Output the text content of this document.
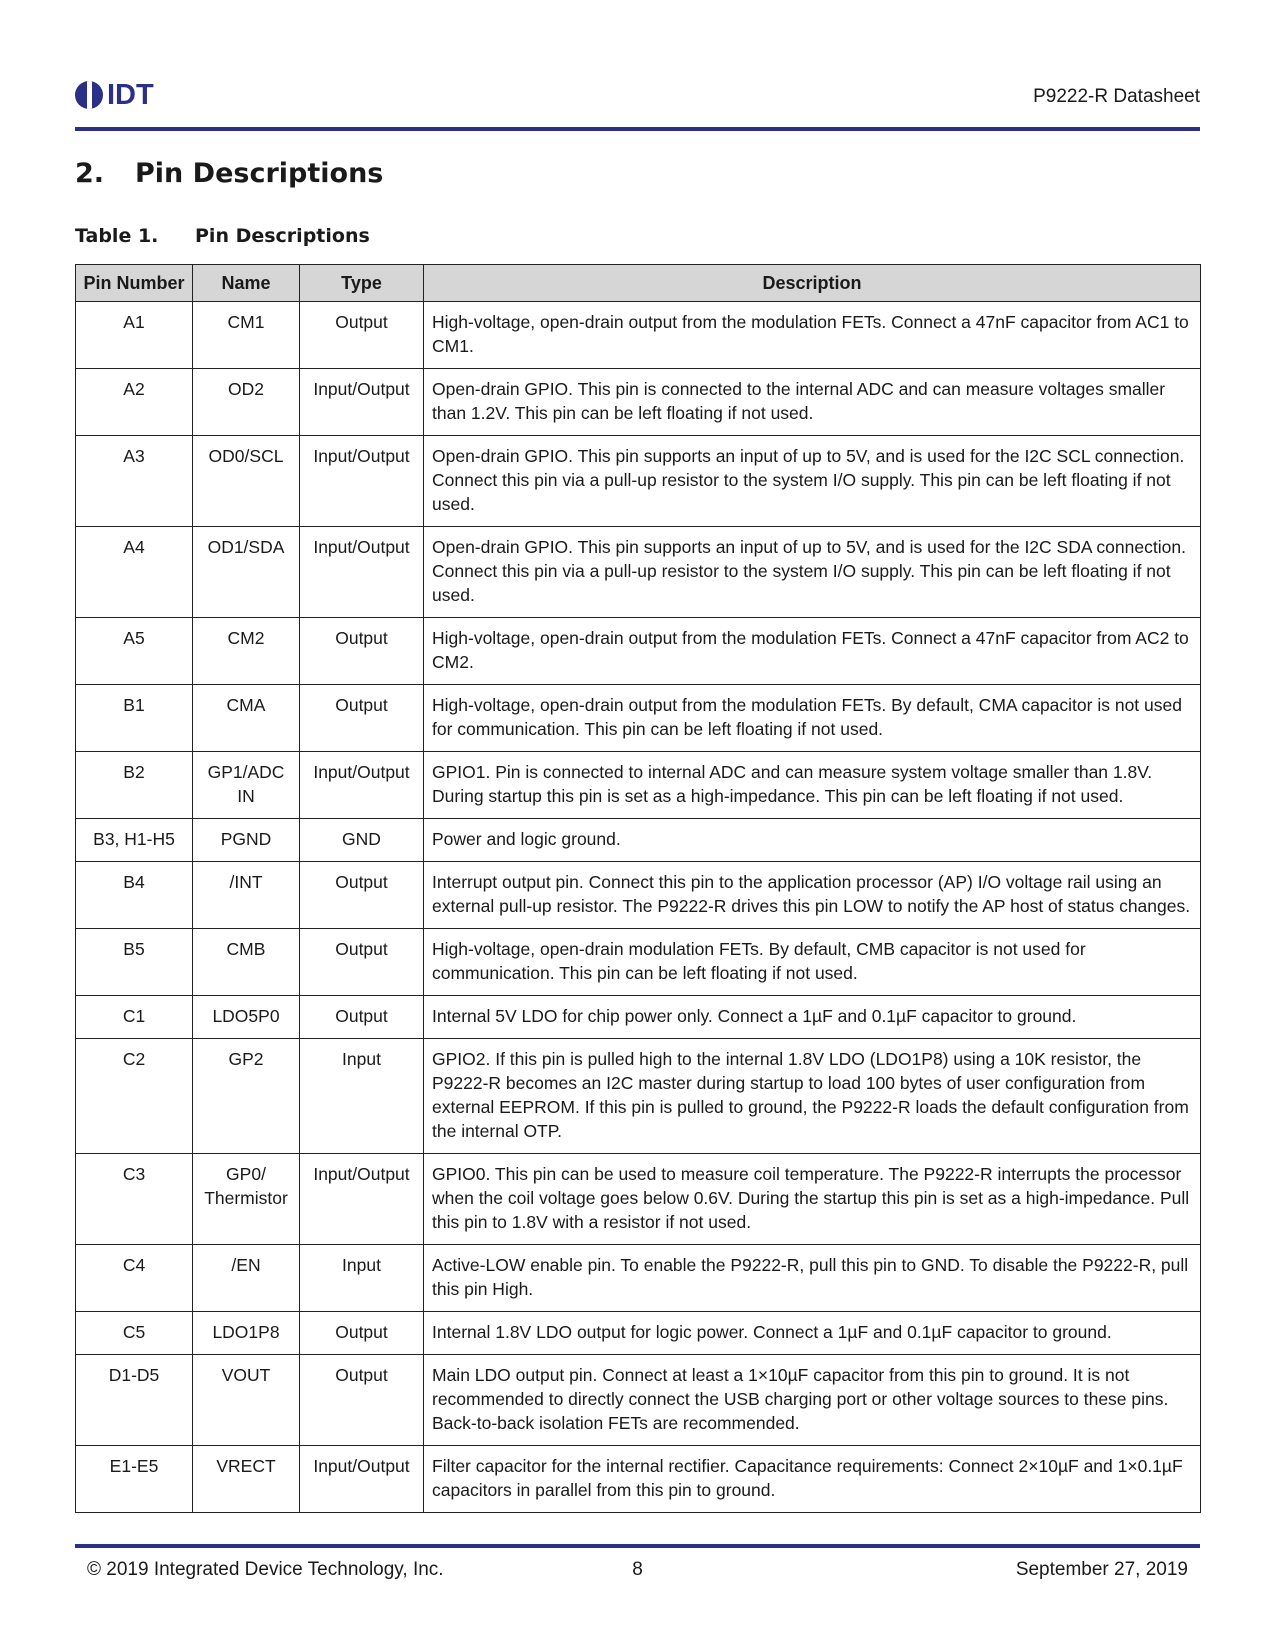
IDT	P9222-R Datasheet
2. Pin Descriptions
Table 1. Pin Descriptions
Pin Number	Name	Type	Description
A1	CM1	Output	High-voltage, open-drain output from the modulation FETs. Connect a 47nF capacitor from AC1 to CM1.
A2	OD2	Input/Output	Open-drain GPIO. This pin is connected to the internal ADC and can measure voltages smaller than 1.2V. This pin can be left floating if not used.
A3	OD0/SCL	Input/Output	Open-drain GPIO. This pin supports an input of up to 5V, and is used for the I2C SCL connection. Connect this pin via a pull-up resistor to the system I/O supply. This pin can be left floating if not used.
A4	OD1/SDA	Input/Output	Open-drain GPIO. This pin supports an input of up to 5V, and is used for the I2C SDA connection. Connect this pin via a pull-up resistor to the system I/O supply. This pin can be left floating if not used.
A5	CM2	Output	High-voltage, open-drain output from the modulation FETs. Connect a 47nF capacitor from AC2 to CM2.
B1	CMA	Output	High-voltage, open-drain output from the modulation FETs. By default, CMA capacitor is not used for communication. This pin can be left floating if not used.
B2	GP1/ADC IN	Input/Output	GPIO1. Pin is connected to internal ADC and can measure system voltage smaller than 1.8V. During startup this pin is set as a high-impedance. This pin can be left floating if not used.
B3, H1-H5	PGND	GND	Power and logic ground.
B4	/INT	Output	Interrupt output pin. Connect this pin to the application processor (AP) I/O voltage rail using an external pull-up resistor. The P9222-R drives this pin LOW to notify the AP host of status changes.
B5	CMB	Output	High-voltage, open-drain modulation FETs. By default, CMB capacitor is not used for communication. This pin can be left floating if not used.
C1	LDO5P0	Output	Internal 5V LDO for chip power only. Connect a 1µF and 0.1µF capacitor to ground.
C2	GP2	Input	GPIO2. If this pin is pulled high to the internal 1.8V LDO (LDO1P8) using a 10K resistor, the P9222-R becomes an I2C master during startup to load 100 bytes of user configuration from external EEPROM. If this pin is pulled to ground, the P9222-R loads the default configuration from the internal OTP.
C3	GP0/ Thermistor	Input/Output	GPIO0. This pin can be used to measure coil temperature. The P9222-R interrupts the processor when the coil voltage goes below 0.6V. During the startup this pin is set as a high-impedance. Pull this pin to 1.8V with a resistor if not used.
C4	/EN	Input	Active-LOW enable pin. To enable the P9222-R, pull this pin to GND. To disable the P9222-R, pull this pin High.
C5	LDO1P8	Output	Internal 1.8V LDO output for logic power. Connect a 1µF and 0.1µF capacitor to ground.
D1-D5	VOUT	Output	Main LDO output pin. Connect at least a 1×10µF capacitor from this pin to ground. It is not recommended to directly connect the USB charging port or other voltage sources to these pins. Back-to-back isolation FETs are recommended.
E1-E5	VRECT	Input/Output	Filter capacitor for the internal rectifier. Capacitance requirements: Connect 2×10µF and 1×0.1µF capacitors in parallel from this pin to ground.
© 2019 Integrated Device Technology, Inc.	8	September 27, 2019
